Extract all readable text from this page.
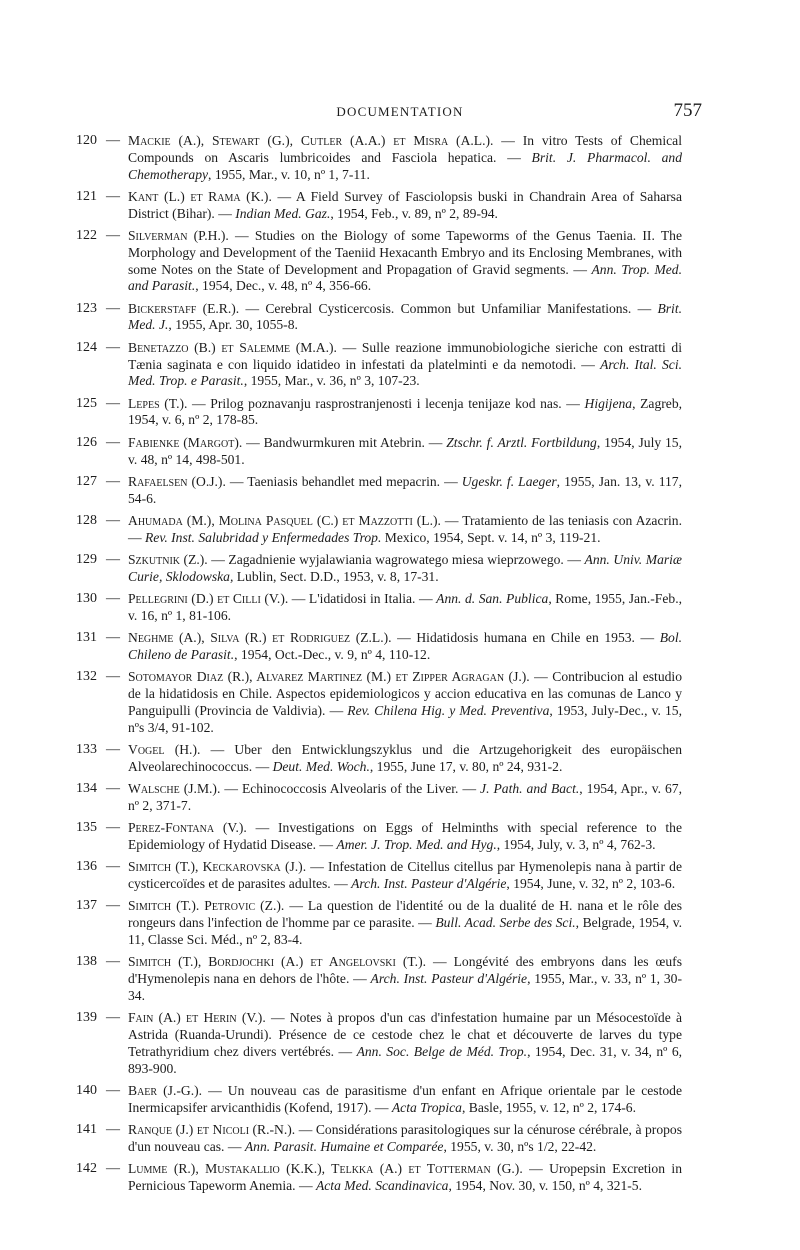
DOCUMENTATION	757
120 — Mackie (A.), Stewart (G.), Cutler (A.A.) et Misra (A.L.). — In vitro Tests of Chemical Compounds on Ascaris lumbricoides and Fasciola hepatica. — Brit. J. Pharmacol. and Chemotherapy, 1955, Mar., v. 10, nº 1, 7-11.
121 — Kant (L.) et Rama (K.). — A Field Survey of Fasciolopsis buski in Chandrain Area of Saharsa District (Bihar). — Indian Med. Gaz., 1954, Feb., v. 89, nº 2, 89-94.
122 — Silverman (P.H.). — Studies on the Biology of some Tapeworms of the Genus Taenia. II. The Morphology and Development of the Taeniid Hexacanth Embryo and its Enclosing Membranes, with some Notes on the State of Development and Propagation of Gravid segments. — Ann. Trop. Med. and Parasit., 1954, Dec., v. 48, nº 4, 356-66.
123 — Bickerstaff (E.R.). — Cerebral Cysticercosis. Common but Unfamiliar Manifestations. — Brit. Med. J., 1955, Apr. 30, 1055-8.
124 — Benetazzo (B.) et Salemme (M.A.). — Sulle reazione immunobiologiche sieriche con estratti di Tænia saginata e con liquido idatideo in infestati da platelminti e da nemotodi. — Arch. Ital. Sci. Med. Trop. e Parasit., 1955, Mar., v. 36, nº 3, 107-23.
125 — Lepes (T.). — Prilog poznavanju rasprostranjenosti i lecenja tenijaze kod nas. — Higijena, Zagreb, 1954, v. 6, nº 2, 178-85.
126 — Fabienke (Margot). — Bandwurmkuren mit Atebrin. — Ztschr. f. Arztl. Fortbildung, 1954, July 15, v. 48, nº 14, 498-501.
127 — Rafaelsen (O.J.). — Taeniasis behandlet med mepacrin. — Ugeskr. f. Laeger, 1955, Jan. 13, v. 117, 54-6.
128 — Ahumada (M.), Molina Pasquel (C.) et Mazzotti (L.). — Tratamiento de las teniasis con Azacrin. — Rev. Inst. Salubridad y Enfermedades Trop. Mexico, 1954, Sept. v. 14, nº 3, 119-21.
129 — Szkutnik (Z.). — Zagadnienie wyjalawiania wagrowatego miesa wieprzowego. — Ann. Univ. Mariæ Curie, Sklodowska, Lublin, Sect. D.D., 1953, v. 8, 17-31.
130 — Pellegrini (D.) et Cilli (V.). — L'idatidosi in Italia. — Ann. d. San. Publica, Rome, 1955, Jan.-Feb., v. 16, nº 1, 81-106.
131 — Neghme (A.), Silva (R.) et Rodriguez (Z.L.). — Hidatidosis humana en Chile en 1953. — Bol. Chileno de Parasit., 1954, Oct.-Dec., v. 9, nº 4, 110-12.
132 — Sotomayor Diaz (R.), Alvarez Martinez (M.) et Zipper Agragan (J.). — Contribucion al estudio de la hidatidosis en Chile. Aspectos epidemiologicos y accion educativa en las comunas de Lanco y Panguipulli (Provincia de Valdivia). — Rev. Chilena Hig. y Med. Preventiva, 1953, July-Dec., v. 15, nºs 3/4, 91-102.
133 — Vogel (H.). — Uber den Entwicklungszyklus und die Artzugehorigkeit des europäischen Alveolarechinococcus. — Deut. Med. Woch., 1955, June 17, v. 80, nº 24, 931-2.
134 — Walsche (J.M.). — Echinococcosis Alveolaris of the Liver. — J. Path. and Bact., 1954, Apr., v. 67, nº 2, 371-7.
135 — Perez-Fontana (V.). — Investigations on Eggs of Helminths with special reference to the Epidemiology of Hydatid Disease. — Amer. J. Trop. Med. and Hyg., 1954, July, v. 3, nº 4, 762-3.
136 — Simitch (T.), Keckarovska (J.). — Infestation de Citellus citellus par Hymenolepis nana à partir de cysticercoïdes et de parasites adultes. — Arch. Inst. Pasteur d'Algérie, 1954, June, v. 32, nº 2, 103-6.
137 — Simitch (T.). Petrovic (Z.). — La question de l'identité ou de la dualité de H. nana et le rôle des rongeurs dans l'infection de l'homme par ce parasite. — Bull. Acad. Serbe des Sci., Belgrade, 1954, v. 11, Classe Sci. Méd., nº 2, 83-4.
138 — Simitch (T.), Bordjochki (A.) et Angelovski (T.). — Longévité des embryons dans les œufs d'Hymenolepis nana en dehors de l'hôte. — Arch. Inst. Pasteur d'Algérie, 1955, Mar., v. 33, nº 1, 30-34.
139 — Fain (A.) et Herin (V.). — Notes à propos d'un cas d'infestation humaine par un Mésocestoïde à Astrida (Ruanda-Urundi). Présence de ce cestode chez le chat et découverte de larves du type Tetrathyridium chez divers vertébrés. — Ann. Soc. Belge de Méd. Trop., 1954, Dec. 31, v. 34, nº 6, 893-900.
140 — Baer (J.-G.). — Un nouveau cas de parasitisme d'un enfant en Afrique orientale par le cestode Inermicapsifer arvicanthidis (Kofend, 1917). — Acta Tropica, Basle, 1955, v. 12, nº 2, 174-6.
141 — Ranque (J.) et Nicoli (R.-N.). — Considérations parasitologiques sur la cénurose cérébrale, à propos d'un nouveau cas. — Ann. Parasit. Humaine et Comparée, 1955, v. 30, nºs 1/2, 22-42.
142 — Lumme (R.), Mustakallio (K.K.), Telkka (A.) et Totterman (G.). — Uropepsin Excretion in Pernicious Tapeworm Anemia. — Acta Med. Scandinavica, 1954, Nov. 30, v. 150, nº 4, 321-5.
